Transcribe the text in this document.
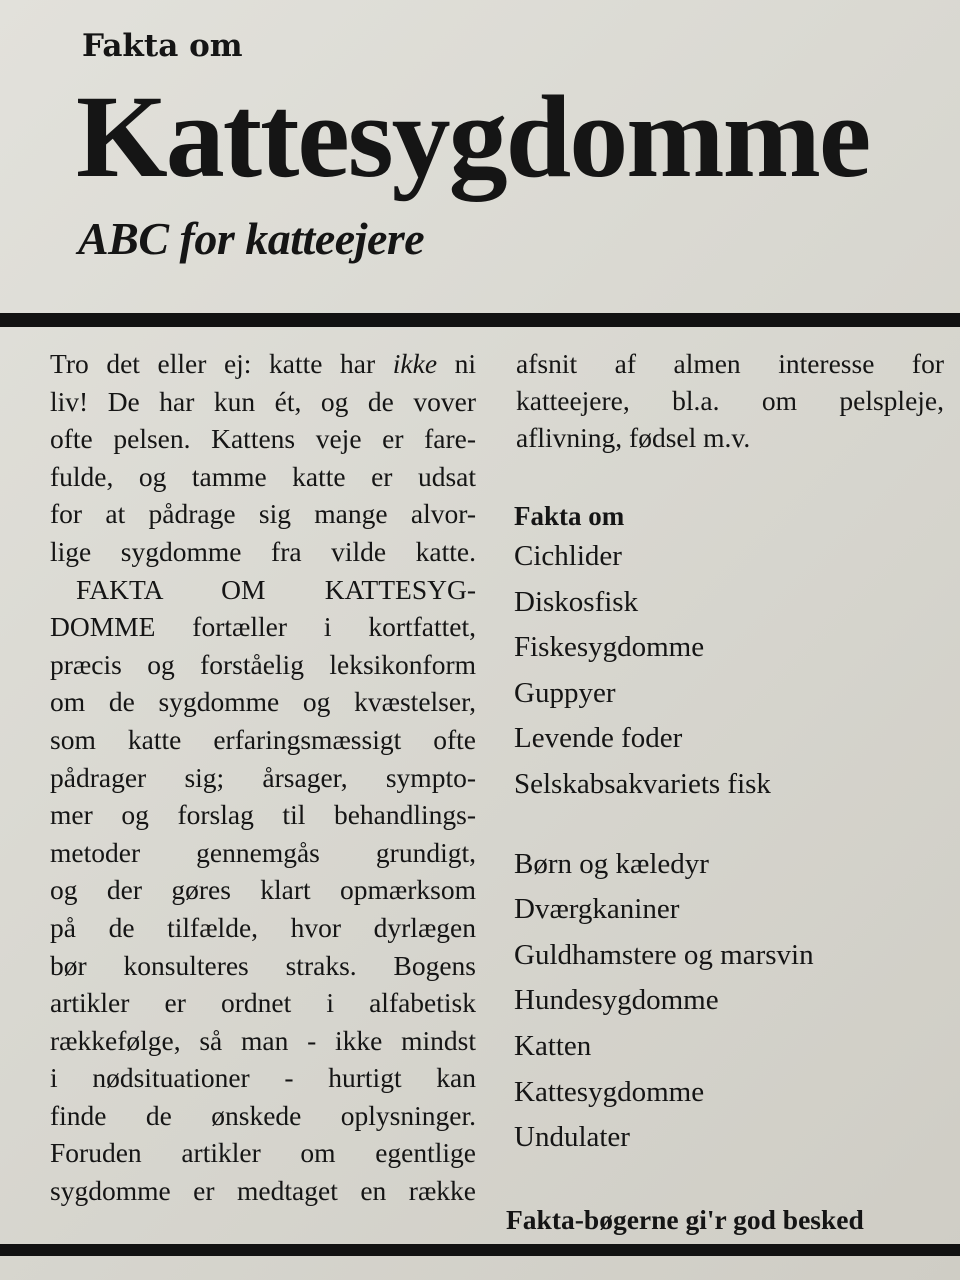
Fakta om
Kattesygdomme
ABC for katteejere
Tro det eller ej: katte har ikke ni
liv! De har kun ét, og de vover
ofte pelsen. Kattens veje er fare-
fulde, og tamme katte er udsat
for at pådrage sig mange alvor-
lige sygdomme fra vilde katte.
FAKTA OM KATTESYG-
DOMME fortæller i kortfattet,
præcis og forståelig leksikonform
om de sygdomme og kvæstelser,
som katte erfaringsmæssigt ofte
pådrager sig; årsager, sympto-
mer og forslag til behandlings-
metoder gennemgås grundigt,
og der gøres klart opmærksom
på de tilfælde, hvor dyrlægen
bør konsulteres straks. Bogens
artikler er ordnet i alfabetisk
rækkefølge, så man - ikke mindst
i nødsituationer - hurtigt kan
finde de ønskede oplysninger.
Foruden artikler om egentlige
sygdomme er medtaget en række
afsnit af almen interesse for
katteejere, bl.a. om pelspleje,
aflivning, fødsel m.v.
Fakta om
Cichlider
Diskosfisk
Fiskesygdomme
Guppyer
Levende foder
Selskabsakvariets fisk
Børn og kæledyr
Dværgkaniner
Guldhamstere og marsvin
Hundesygdomme
Katten
Kattesygdomme
Undulater
Fakta-bøgerne gi'r god besked
